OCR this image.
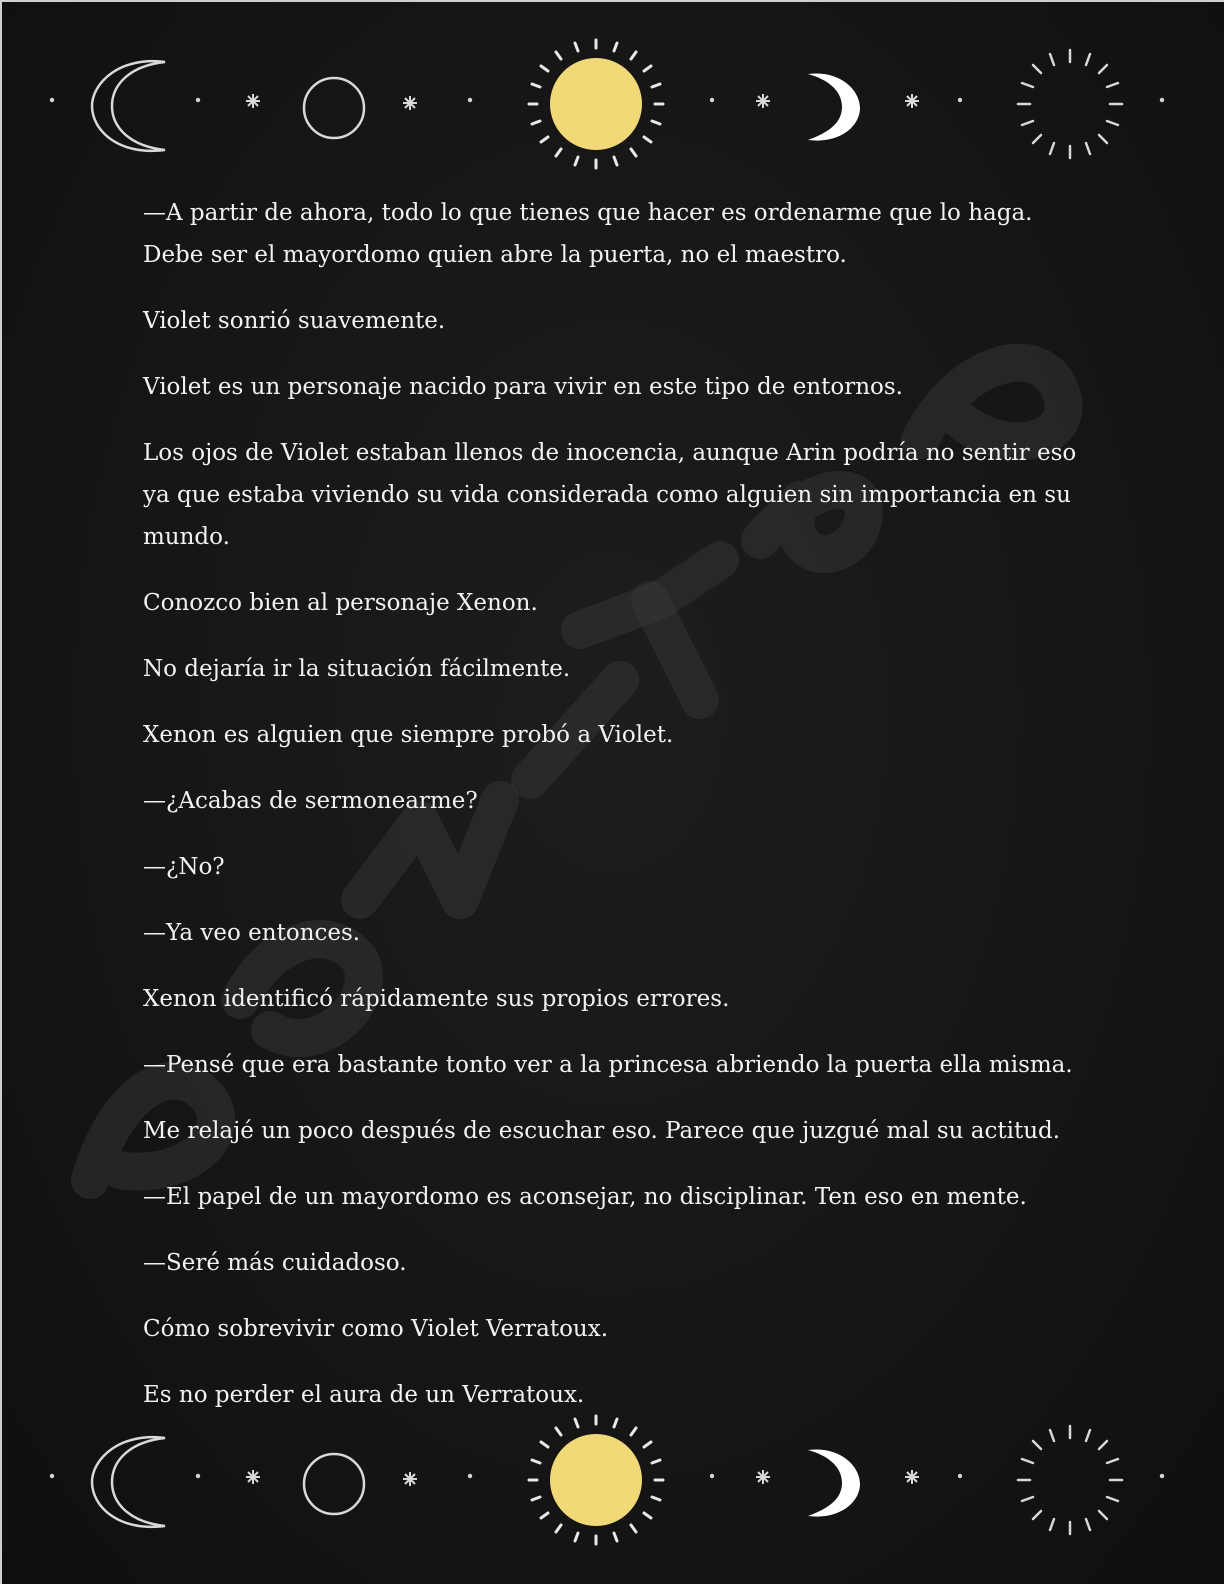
—A partir de ahora, todo lo que tienes que hacer es ordenarme que lo haga. Debe ser el mayordomo quien abre la puerta, no el maestro.

Violet sonrió suavemente.

Violet es un personaje nacido para vivir en este tipo de entornos.

Los ojos de Violet estaban llenos de inocencia, aunque Arin podría no sentir eso ya que estaba viviendo su vida considerada como alguien sin importancia en su mundo.

Conozco bien al personaje Xenon.

No dejaría ir la situación fácilmente.

Xenon es alguien que siempre probó a Violet.

—¿Acabas de sermonearme?

—¿No?

—Ya veo entonces.

Xenon identificó rápidamente sus propios errores.

—Pensé que era bastante tonto ver a la princesa abriendo la puerta ella misma.

Me relajé un poco después de escuchar eso. Parece que juzgué mal su actitud.

—El papel de un mayordomo es aconsejar, no disciplinar. Ten eso en mente.

—Seré más cuidadoso.

Cómo sobrevivir como Violet Verratoux.

Es no perder el aura de un Verratoux.
